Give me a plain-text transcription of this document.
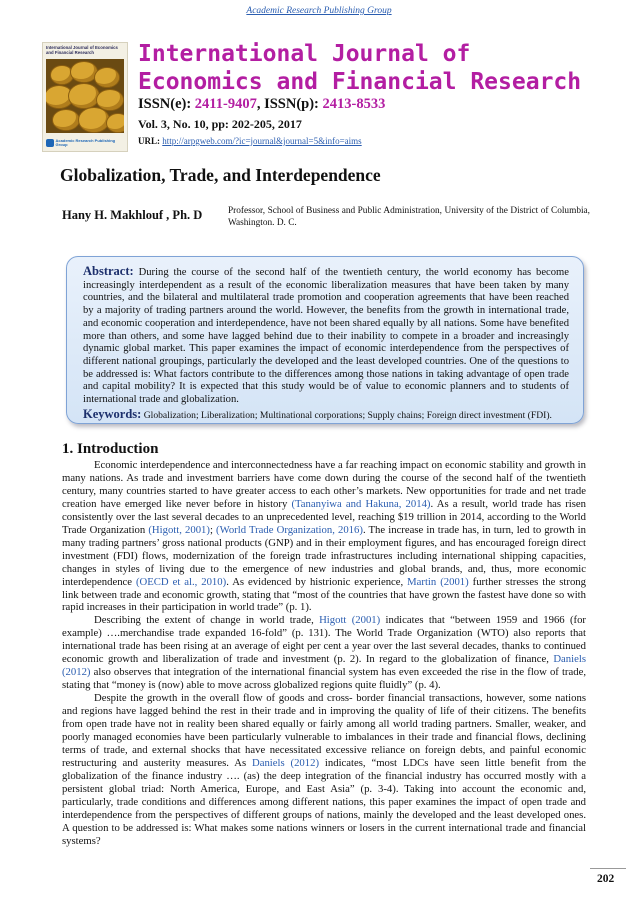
Academic Research Publishing Group
International Journal of Economics and Financial Research
Academic Research Publishing Group
International Journal of Economics and Financial Research
ISSN(e): 2411-9407, ISSN(p): 2413-8533
Vol. 3, No. 10, pp: 202-205, 2017
URL: http://arpgweb.com/?ic=journal&journal=5&info=aims
Globalization, Trade, and Interdependence
Hany H. Makhlouf , Ph. D	Professor, School of Business and Public Administration, University of the District of Columbia, Washington. D. C.
Abstract: During the course of the second half of the twentieth century, the world economy has become increasingly interdependent as a result of the economic liberalization measures that have been taken by many countries, and the bilateral and multilateral trade promotion and cooperation agreements that have been reached by a majority of trading partners around the world. However, the benefits from the growth in international trade, and economic cooperation and interdependence, have not been shared equally by all nations. Some have benefited more than others, and some have lagged behind due to their inability to compete in a broader and increasingly dynamic global market. This paper examines the impact of economic interdependence from the perspectives of different national groupings, particularly the developed and the least developed countries. One of the questions to be addressed is: What factors contribute to the differences among those nations in taking advantage of open trade and capital mobility? It is expected that this study would be of value to economic planners and to students of international trade and globalization.
Keywords: Globalization; Liberalization; Multinational corporations; Supply chains; Foreign direct investment (FDI).
1. Introduction

Economic interdependence and interconnectedness have a far reaching impact on economic stability and growth in many nations. As trade and investment barriers have come down during the course of the second half of the twentieth century, many countries started to have greater access to each other’s markets. New opportunities for trade and net trade creation have emerged like never before in history (Tananyiwa and Hakuna, 2014). As a result, world trade has risen consistently over the last several decades to an unprecedented level, reaching $19 trillion in 2014, according to the World Trade Organization (Higott, 2001); (World Trade Organization, 2016). The increase in trade has, in turn, led to growth in many trading partners’ gross national products (GNP) and in their employment figures, and has encouraged foreign direct investment (FDI) flows, modernization of the foreign trade infrastructures including international shipping capacities, changes in styles of living due to the emergence of new industries and global brands, and, thus, more economic interdependence (OECD et al., 2010). As evidenced by histrionic experience, Martin (2001) further stresses the strong link between trade and economic growth, stating that “most of the countries that have grown the fastest have done so with rapid increases in their participation in world trade” (p. 1).

Describing the extent of change in world trade, Higott (2001) indicates that “between 1959 and 1966 (for example) ….merchandise trade expanded 16-fold” (p. 131). The World Trade Organization (WTO) also reports that international trade has been rising at an average of eight per cent a year over the last several decades, thanks to continued economic growth and liberalization of trade and investment (p. 2). In regard to the globalization of finance, Daniels (2012) also observes that integration of the international financial system has even exceeded the rise in the flow of trade, stating that “money is (now) able to move across globalized regions quite fluidly” (p. 4).

Despite the growth in the overall flow of goods and cross- border financial transactions, however, some nations and regions have lagged behind the rest in their trade and in improving the quality of life of their citizens. The benefits from open trade have not in reality been shared equally or fairly among all world trading partners. Smaller, weaker, and poorly managed economies have been particularly vulnerable to imbalances in their trade and financial flows, declining terms of trade, and external shocks that have necessitated excessive reliance on foreign debts, and painful economic restructuring and austerity measures. As Daniels (2012) indicates, “most LDCs have seen little benefit from the globalization of the finance industry …. (as) the deep integration of the financial industry has occurred mostly with a persistent global triad: North America, Europe, and East Asia” (p. 3-4). Taking into account the economic and, particularly, trade conditions and differences among different nations, this paper examines the impact of open trade and interdependence from the perspectives of different groups of nations, mainly the developed and the least developed ones. A question to be addressed is: What makes some nations winners or losers in the current international trade and financial systems?

202
